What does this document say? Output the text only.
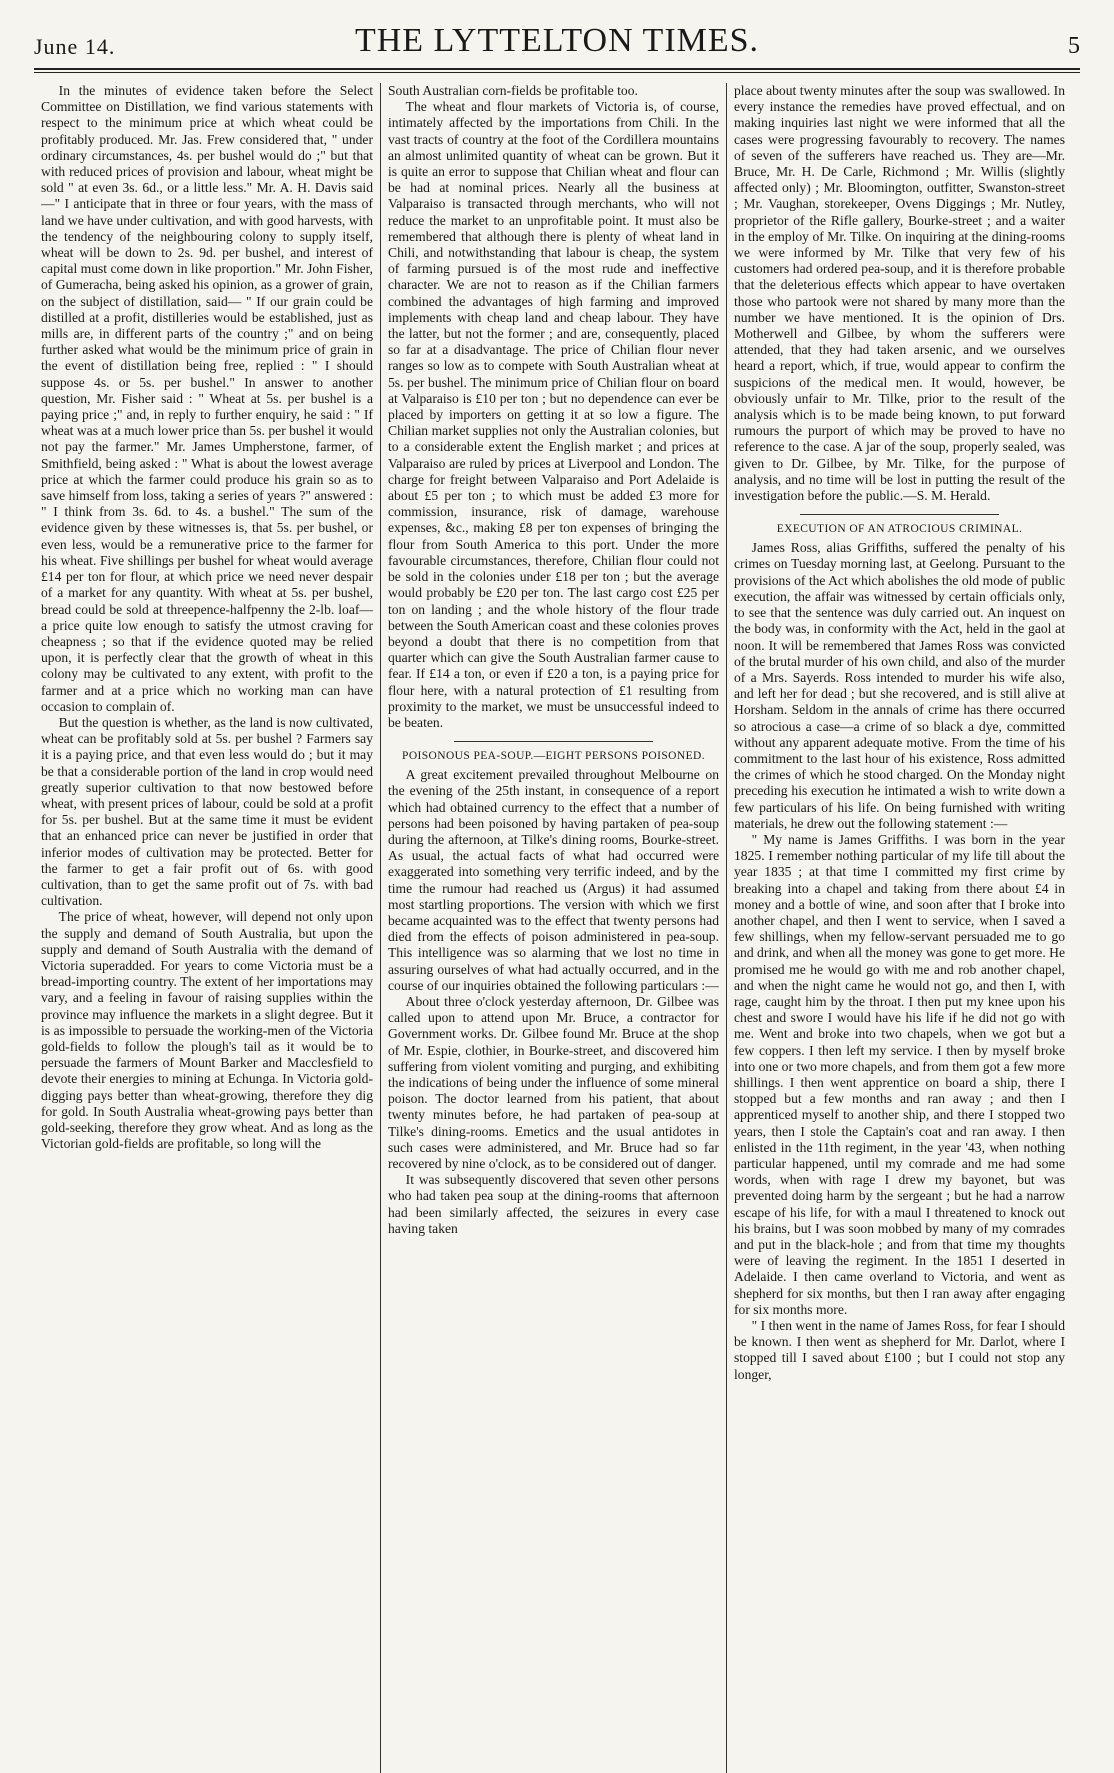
June 14.	THE LYTTELTON TIMES.	5

In the minutes of evidence taken before the Select Committee on Distillation, we find various statements with respect to the minimum price at which wheat could be profitably produced. Mr. Jas. Frew considered that, " under ordinary circumstances, 4s. per bushel would do ;" but that with reduced prices of provision and labour, wheat might be sold " at even 3s. 6d., or a little less." Mr. A. H. Davis said—" I anticipate that in three or four years, with the mass of land we have under cultivation, and with good harvests, with the tendency of the neighbouring colony to supply itself, wheat will be down to 2s. 9d. per bushel, and interest of capital must come down in like proportion." Mr. John Fisher, of Gumeracha, being asked his opinion, as a grower of grain, on the subject of distillation, said— " If our grain could be distilled at a profit, distilleries would be established, just as mills are, in different parts of the country ;" and on being further asked what would be the minimum price of grain in the event of distillation being free, replied : " I should suppose 4s. or 5s. per bushel." In answer to another question, Mr. Fisher said : " Wheat at 5s. per bushel is a paying price ;" and, in reply to further enquiry, he said : " If wheat was at a much lower price than 5s. per bushel it would not pay the farmer." Mr. James Umpherstone, farmer, of Smithfield, being asked : " What is about the lowest average price at which the farmer could produce his grain so as to save himself from loss, taking a series of years ?" answered : " I think from 3s. 6d. to 4s. a bushel." The sum of the evidence given by these witnesses is, that 5s. per bushel, or even less, would be a remunerative price to the farmer for his wheat. Five shillings per bushel for wheat would average £14 per ton for flour, at which price we need never despair of a market for any quantity. With wheat at 5s. per bushel, bread could be sold at threepence-halfpenny the 2-lb. loaf—a price quite low enough to satisfy the utmost craving for cheapness ; so that if the evidence quoted may be relied upon, it is perfectly clear that the growth of wheat in this colony may be cultivated to any extent, with profit to the farmer and at a price which no working man can have occasion to complain of.

But the question is whether, as the land is now cultivated, wheat can be profitably sold at 5s. per bushel ? Farmers say it is a paying price, and that even less would do ; but it may be that a considerable portion of the land in crop would need greatly superior cultivation to that now bestowed before wheat, with present prices of labour, could be sold at a profit for 5s. per bushel. But at the same time it must be evident that an enhanced price can never be justified in order that inferior modes of cultivation may be protected. Better for the farmer to get a fair profit out of 6s. with good cultivation, than to get the same profit out of 7s. with bad cultivation.

The price of wheat, however, will depend not only upon the supply and demand of South Australia, but upon the supply and demand of South Australia with the demand of Victoria superadded. For years to come Victoria must be a bread-importing country. The extent of her importations may vary, and a feeling in favour of raising supplies within the province may influence the markets in a slight degree. But it is as impossible to persuade the working-men of the Victoria gold-fields to follow the plough's tail as it would be to persuade the farmers of Mount Barker and Macclesfield to devote their energies to mining at Echunga. In Victoria gold-digging pays better than wheat-growing, therefore they dig for gold. In South Australia wheat-growing pays better than gold-seeking, therefore they grow wheat. And as long as the Victorian gold-fields are profitable, so long will the

South Australian corn-fields be profitable too.

The wheat and flour markets of Victoria is, of course, intimately affected by the importations from Chili. In the vast tracts of country at the foot of the Cordillera mountains an almost unlimited quantity of wheat can be grown. But it is quite an error to suppose that Chilian wheat and flour can be had at nominal prices. Nearly all the business at Valparaiso is transacted through merchants, who will not reduce the market to an unprofitable point. It must also be remembered that although there is plenty of wheat land in Chili, and notwithstanding that labour is cheap, the system of farming pursued is of the most rude and ineffective character. We are not to reason as if the Chilian farmers combined the advantages of high farming and improved implements with cheap land and cheap labour. They have the latter, but not the former ; and are, consequently, placed so far at a disadvantage. The price of Chilian flour never ranges so low as to compete with South Australian wheat at 5s. per bushel. The minimum price of Chilian flour on board at Valparaiso is £10 per ton ; but no dependence can ever be placed by importers on getting it at so low a figure. The Chilian market supplies not only the Australian colonies, but to a considerable extent the English market ; and prices at Valparaiso are ruled by prices at Liverpool and London. The charge for freight between Valparaiso and Port Adelaide is about £5 per ton ; to which must be added £3 more for commission, insurance, risk of damage, warehouse expenses, &c., making £8 per ton expenses of bringing the flour from South America to this port. Under the more favourable circumstances, therefore, Chilian flour could not be sold in the colonies under £18 per ton ; but the average would probably be £20 per ton. The last cargo cost £25 per ton on landing ; and the whole history of the flour trade between the South American coast and these colonies proves beyond a doubt that there is no competition from that quarter which can give the South Australian farmer cause to fear. If £14 a ton, or even if £20 a ton, is a paying price for flour here, with a natural protection of £1 resulting from proximity to the market, we must be unsuccessful indeed to be beaten.

POISONOUS PEA-SOUP.—EIGHT PERSONS POISONED.

A great excitement prevailed throughout Melbourne on the evening of the 25th instant, in consequence of a report which had obtained currency to the effect that a number of persons had been poisoned by having partaken of pea-soup during the afternoon, at Tilke's dining rooms, Bourke-street. As usual, the actual facts of what had occurred were exaggerated into something very terrific indeed, and by the time the rumour had reached us (Argus) it had assumed most startling proportions. The version with which we first became acquainted was to the effect that twenty persons had died from the effects of poison administered in pea-soup. This intelligence was so alarming that we lost no time in assuring ourselves of what had actually occurred, and in the course of our inquiries obtained the following particulars :—

About three o'clock yesterday afternoon, Dr. Gilbee was called upon to attend upon Mr. Bruce, a contractor for Government works. Dr. Gilbee found Mr. Bruce at the shop of Mr. Espie, clothier, in Bourke-street, and discovered him suffering from violent vomiting and purging, and exhibiting the indications of being under the influence of some mineral poison. The doctor learned from his patient, that about twenty minutes before, he had partaken of pea-soup at Tilke's dining-rooms. Emetics and the usual antidotes in such cases were administered, and Mr. Bruce had so far recovered by nine o'clock, as to be considered out of danger.

It was subsequently discovered that seven other persons who had taken pea soup at the dining-rooms that afternoon had been similarly affected, the seizures in every case having taken

place about twenty minutes after the soup was swallowed. In every instance the remedies have proved effectual, and on making inquiries last night we were informed that all the cases were progressing favourably to recovery. The names of seven of the sufferers have reached us. They are—Mr. Bruce, Mr. H. De Carle, Richmond ; Mr. Willis (slightly affected only) ; Mr. Bloomington, outfitter, Swanston-street ; Mr. Vaughan, storekeeper, Ovens Diggings ; Mr. Nutley, proprietor of the Rifle gallery, Bourke-street ; and a waiter in the employ of Mr. Tilke. On inquiring at the dining-rooms we were informed by Mr. Tilke that very few of his customers had ordered pea-soup, and it is therefore probable that the deleterious effects which appear to have overtaken those who partook were not shared by many more than the number we have mentioned. It is the opinion of Drs. Motherwell and Gilbee, by whom the sufferers were attended, that they had taken arsenic, and we ourselves heard a report, which, if true, would appear to confirm the suspicions of the medical men. It would, however, be obviously unfair to Mr. Tilke, prior to the result of the analysis which is to be made being known, to put forward rumours the purport of which may be proved to have no reference to the case. A jar of the soup, properly sealed, was given to Dr. Gilbee, by Mr. Tilke, for the purpose of analysis, and no time will be lost in putting the result of the investigation before the public.—S. M. Herald.

EXECUTION OF AN ATROCIOUS CRIMINAL.

James Ross, alias Griffiths, suffered the penalty of his crimes on Tuesday morning last, at Geelong. Pursuant to the provisions of the Act which abolishes the old mode of public execution, the affair was witnessed by certain officials only, to see that the sentence was duly carried out. An inquest on the body was, in conformity with the Act, held in the gaol at noon. It will be remembered that James Ross was convicted of the brutal murder of his own child, and also of the murder of a Mrs. Sayerds. Ross intended to murder his wife also, and left her for dead ; but she recovered, and is still alive at Horsham. Seldom in the annals of crime has there occurred so atrocious a case—a crime of so black a dye, committed without any apparent adequate motive. From the time of his commitment to the last hour of his existence, Ross admitted the crimes of which he stood charged. On the Monday night preceding his execution he intimated a wish to write down a few particulars of his life. On being furnished with writing materials, he drew out the following statement :—

" My name is James Griffiths. I was born in the year 1825. I remember nothing particular of my life till about the year 1835 ; at that time I committed my first crime by breaking into a chapel and taking from there about £4 in money and a bottle of wine, and soon after that I broke into another chapel, and then I went to service, when I saved a few shillings, when my fellow-servant persuaded me to go and drink, and when all the money was gone to get more. He promised me he would go with me and rob another chapel, and when the night came he would not go, and then I, with rage, caught him by the throat. I then put my knee upon his chest and swore I would have his life if he did not go with me. Went and broke into two chapels, when we got but a few coppers. I then left my service. I then by myself broke into one or two more chapels, and from them got a few more shillings. I then went apprentice on board a ship, there I stopped but a few months and ran away ; and then I apprenticed myself to another ship, and there I stopped two years, then I stole the Captain's coat and ran away. I then enlisted in the 11th regiment, in the year '43, when nothing particular happened, until my comrade and me had some words, when with rage I drew my bayonet, but was prevented doing harm by the sergeant ; but he had a narrow escape of his life, for with a maul I threatened to knock out his brains, but I was soon mobbed by many of my comrades and put in the black-hole ; and from that time my thoughts were of leaving the regiment. In the 1851 I deserted in Adelaide. I then came overland to Victoria, and went as shepherd for six months, but then I ran away after engaging for six months more.

" I then went in the name of James Ross, for fear I should be known. I then went as shepherd for Mr. Darlot, where I stopped till I saved about £100 ; but I could not stop any longer,
